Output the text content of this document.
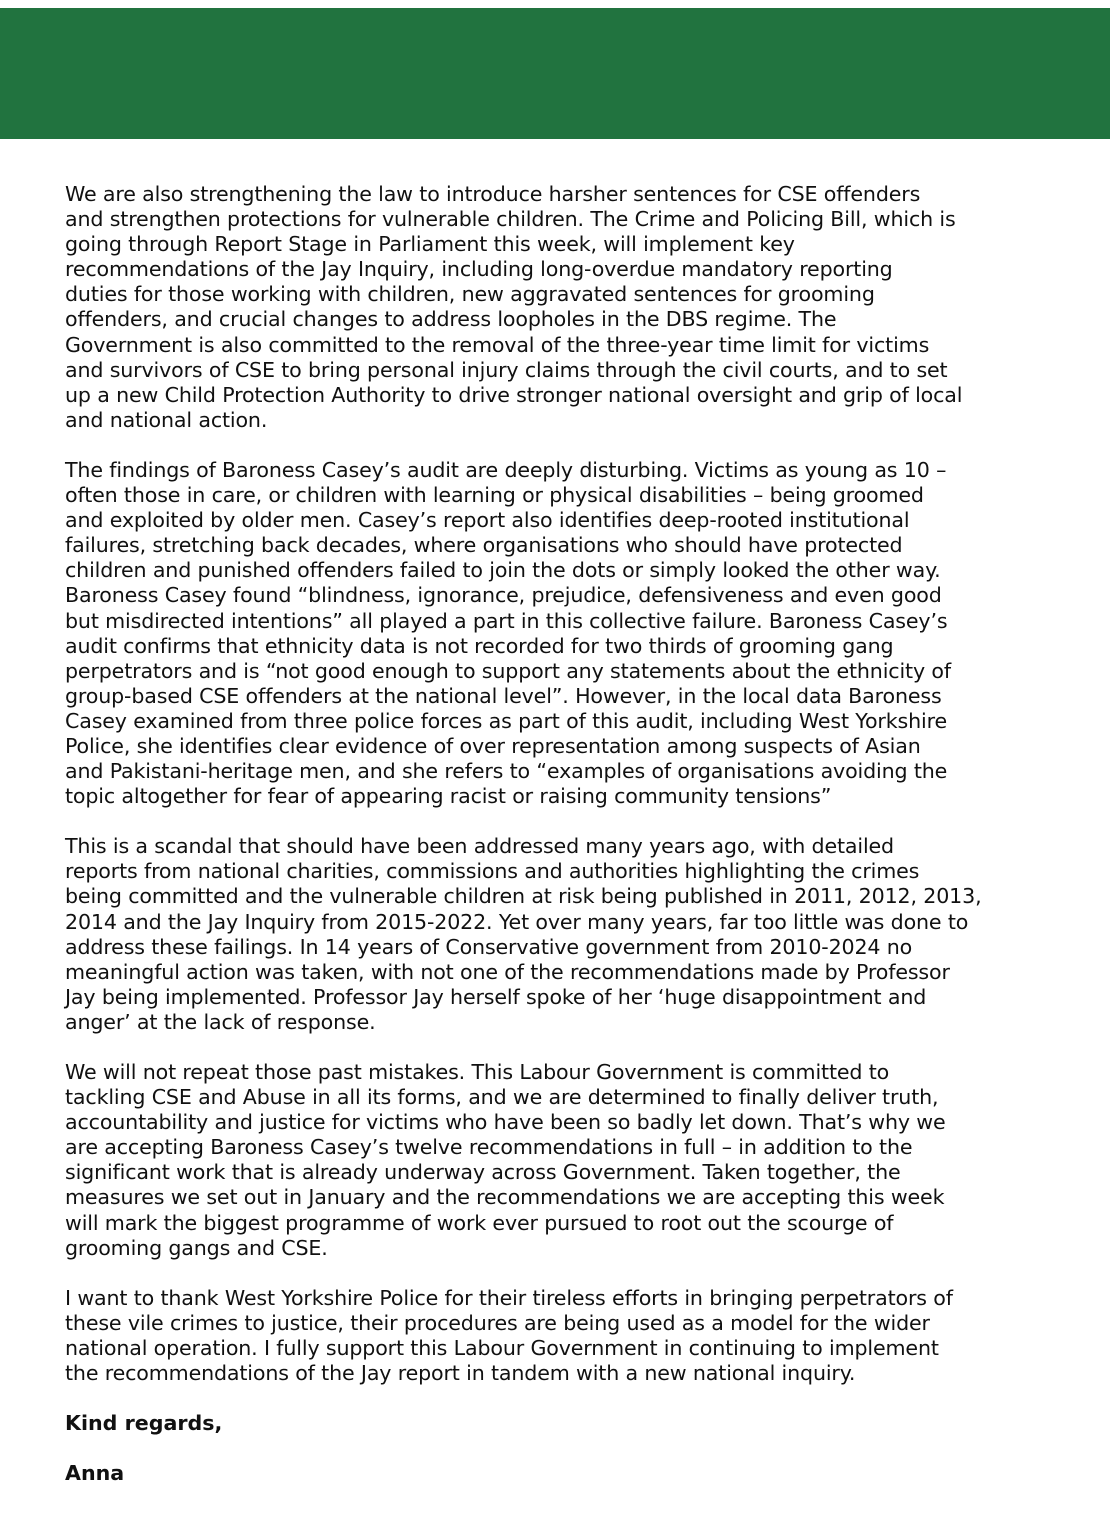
We are also strengthening the law to introduce harsher sentences for CSE offenders
and strengthen protections for vulnerable children. The Crime and Policing Bill, which is
going through Report Stage in Parliament this week, will implement key
recommendations of the Jay Inquiry, including long-overdue mandatory reporting
duties for those working with children, new aggravated sentences for grooming
offenders, and crucial changes to address loopholes in the DBS regime. The
Government is also committed to the removal of the three-year time limit for victims
and survivors of CSE to bring personal injury claims through the civil courts, and to set
up a new Child Protection Authority to drive stronger national oversight and grip of local
and national action.

The findings of Baroness Casey’s audit are deeply disturbing. Victims as young as 10 –
often those in care, or children with learning or physical disabilities – being groomed
and exploited by older men. Casey’s report also identifies deep-rooted institutional
failures, stretching back decades, where organisations who should have protected
children and punished offenders failed to join the dots or simply looked the other way.
Baroness Casey found “blindness, ignorance, prejudice, defensiveness and even good
but misdirected intentions” all played a part in this collective failure. Baroness Casey’s
audit confirms that ethnicity data is not recorded for two thirds of grooming gang
perpetrators and is “not good enough to support any statements about the ethnicity of
group-based CSE offenders at the national level”. However, in the local data Baroness
Casey examined from three police forces as part of this audit, including West Yorkshire
Police, she identifies clear evidence of over representation among suspects of Asian
and Pakistani-heritage men, and she refers to “examples of organisations avoiding the
topic altogether for fear of appearing racist or raising community tensions”

This is a scandal that should have been addressed many years ago, with detailed
reports from national charities, commissions and authorities highlighting the crimes
being committed and the vulnerable children at risk being published in 2011, 2012, 2013,
2014 and the Jay Inquiry from 2015-2022. Yet over many years, far too little was done to
address these failings. In 14 years of Conservative government from 2010-2024 no
meaningful action was taken, with not one of the recommendations made by Professor
Jay being implemented. Professor Jay herself spoke of her ‘huge disappointment and
anger’ at the lack of response.

We will not repeat those past mistakes. This Labour Government is committed to
tackling CSE and Abuse in all its forms, and we are determined to finally deliver truth,
accountability and justice for victims who have been so badly let down. That’s why we
are accepting Baroness Casey’s twelve recommendations in full – in addition to the
significant work that is already underway across Government. Taken together, the
measures we set out in January and the recommendations we are accepting this week
will mark the biggest programme of work ever pursued to root out the scourge of
grooming gangs and CSE.

I want to thank West Yorkshire Police for their tireless efforts in bringing perpetrators of
these vile crimes to justice, their procedures are being used as a model for the wider
national operation. I fully support this Labour Government in continuing to implement
the recommendations of the Jay report in tandem with a new national inquiry.

Kind regards,

Anna
